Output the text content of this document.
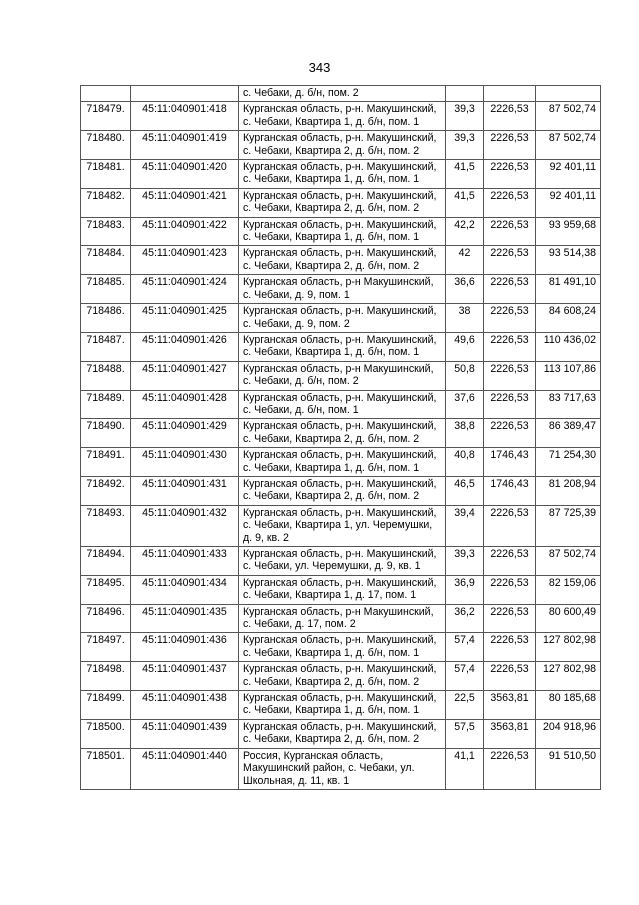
343
		с. Чебаки, д. б/н, пом. 2			
718479.	45:11:040901:418	Курганская область, р-н. Макушинский,
с. Чебаки, Квартира 1, д. б/н, пом. 1	39,3	2226,53	87 502,74
718480.	45:11:040901:419	Курганская область, р-н. Макушинский,
с. Чебаки, Квартира 2, д. б/н, пом. 2	39,3	2226,53	87 502,74
718481.	45:11:040901:420	Курганская область, р-н. Макушинский,
с. Чебаки, Квартира 1, д. б/н, пом. 1	41,5	2226,53	92 401,11
718482.	45:11:040901:421	Курганская область, р-н. Макушинский,
с. Чебаки, Квартира 2, д. б/н, пом. 2	41,5	2226,53	92 401,11
718483.	45:11:040901:422	Курганская область, р-н. Макушинский,
с. Чебаки, Квартира 1, д. б/н, пом. 1	42,2	2226,53	93 959,68
718484.	45:11:040901:423	Курганская область, р-н. Макушинский,
с. Чебаки, Квартира 2, д. б/н, пом. 2	42	2226,53	93 514,38
718485.	45:11:040901:424	Курганская область, р-н Макушинский,
с. Чебаки, д. 9, пом. 1	36,6	2226,53	81 491,10
718486.	45:11:040901:425	Курганская область, р-н. Макушинский,
с. Чебаки, д. 9, пом. 2	38	2226,53	84 608,24
718487.	45:11:040901:426	Курганская область, р-н. Макушинский,
с. Чебаки, Квартира 1, д. б/н, пом. 1	49,6	2226,53	110 436,02
718488.	45:11:040901:427	Курганская область, р-н Макушинский,
с. Чебаки, д. б/н, пом. 2	50,8	2226,53	113 107,86
718489.	45:11:040901:428	Курганская область, р-н. Макушинский,
с. Чебаки, д. б/н, пом. 1	37,6	2226,53	83 717,63
718490.	45:11:040901:429	Курганская область, р-н. Макушинский,
с. Чебаки, Квартира 2, д. б/н, пом. 2	38,8	2226,53	86 389,47
718491.	45:11:040901:430	Курганская область, р-н. Макушинский,
с. Чебаки, Квартира 1, д. б/н, пом. 1	40,8	1746,43	71 254,30
718492.	45:11:040901:431	Курганская область, р-н. Макушинский,
с. Чебаки, Квартира 2, д. б/н, пом. 2	46,5	1746,43	81 208,94
718493.	45:11:040901:432	Курганская область, р-н. Макушинский,
с. Чебаки, Квартира 1, ул. Черемушки,
д. 9, кв. 2	39,4	2226,53	87 725,39
718494.	45:11:040901:433	Курганская область, р-н. Макушинский,
с. Чебаки, ул. Черемушки, д. 9, кв. 1	39,3	2226,53	87 502,74
718495.	45:11:040901:434	Курганская область, р-н. Макушинский,
с. Чебаки, Квартира 1, д. 17, пом. 1	36,9	2226,53	82 159,06
718496.	45:11:040901:435	Курганская область, р-н Макушинский,
с. Чебаки, д. 17, пом. 2	36,2	2226,53	80 600,49
718497.	45:11:040901:436	Курганская область, р-н. Макушинский,
с. Чебаки, Квартира 1, д. б/н, пом. 1	57,4	2226,53	127 802,98
718498.	45:11:040901:437	Курганская область, р-н. Макушинский,
с. Чебаки, Квартира 2, д. б/н, пом. 2	57,4	2226,53	127 802,98
718499.	45:11:040901:438	Курганская область, р-н. Макушинский,
с. Чебаки, Квартира 1, д. б/н, пом. 1	22,5	3563,81	80 185,68
718500.	45:11:040901:439	Курганская область, р-н. Макушинский,
с. Чебаки, Квартира 2, д. б/н, пом. 2	57,5	3563,81	204 918,96
718501.	45:11:040901:440	Россия, Курганская область,
Макушинский район, с. Чебаки, ул.
Школьная, д. 11, кв. 1	41,1	2226,53	91 510,50
